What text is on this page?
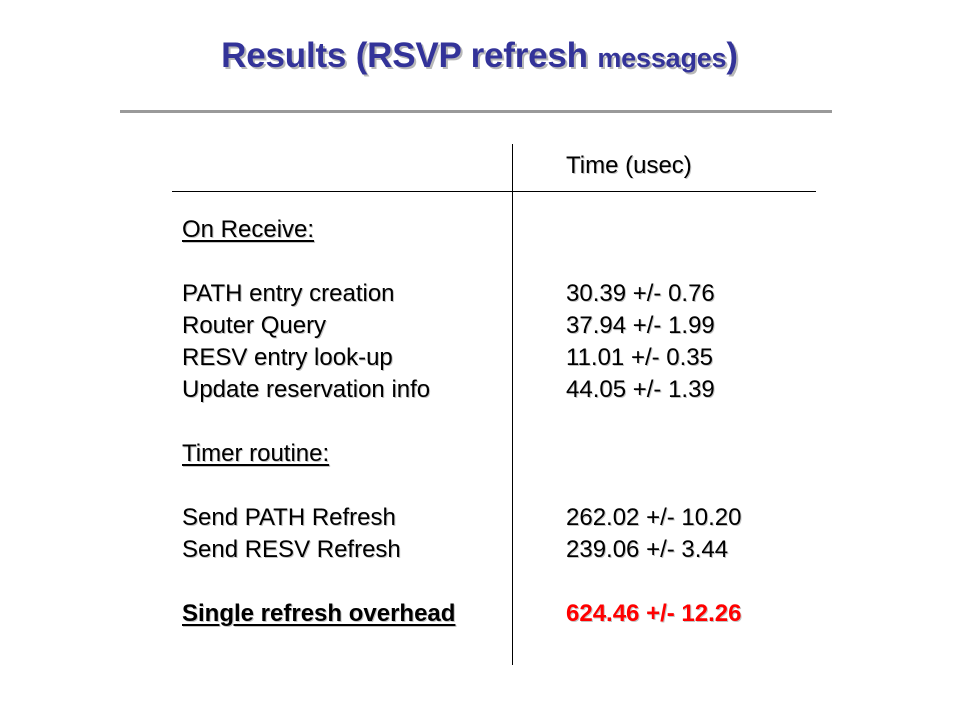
Results (RSVP refresh messages)
Time (usec)
On Receive:
PATH entry creation	30.39 +/- 0.76
Router Query	37.94 +/- 1.99
RESV entry look-up	11.01 +/- 0.35
Update reservation info	44.05 +/- 1.39
Timer routine:
Send PATH Refresh	262.02 +/- 10.20
Send RESV Refresh	239.06 +/- 3.44
Single refresh overhead	624.46 +/- 12.26
